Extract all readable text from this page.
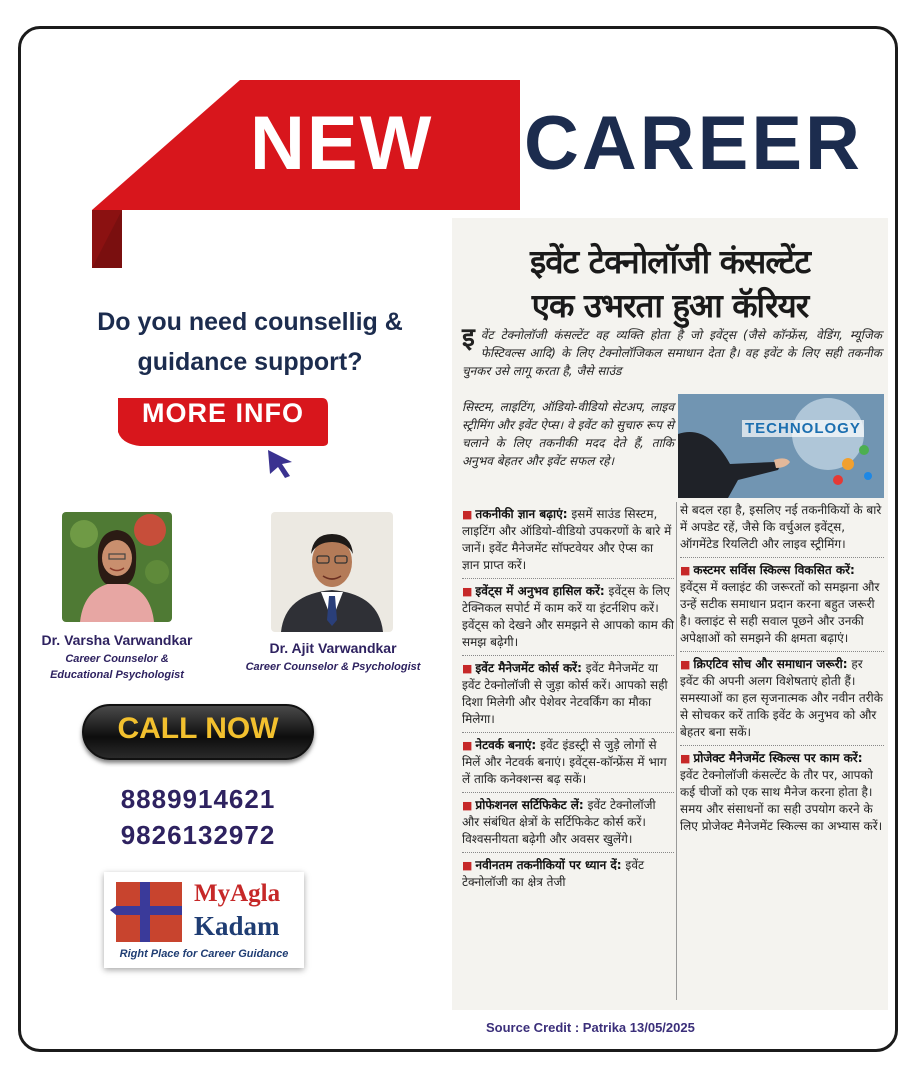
NEW CAREER
Do you need counsellig & guidance support?
MORE INFO
Dr. Varsha Varwandkar
Career Counselor &
Educational Psychologist
Dr. Ajit Varwandkar
Career Counselor & Psychologist
CALL NOW
8889914621
9826132972
MyAgla
Kadam
Right Place for Career Guidance
इवेंट टेक्नोलॉजी कंसल्टेंट
एक उभरता हुआ कॅरियर
इवेंट टेक्नोलॉजी कंसल्टेंट वह व्यक्ति होता है जो इवेंट्स (जैसे कॉन्फ्रेंस, वेडिंग, म्यूजिक फेस्टिवल्स आदि) के लिए टेक्नोलॉजिकल समाधान देता है। वह इवेंट के लिए सही तकनीक चुनकर उसे लागू करता है, जैसे साउंड
सिस्टम, लाइटिंग, ऑडियो-वीडियो सेटअप, लाइव स्ट्रीमिंग और इवेंट ऐप्स। वे इवेंट को सुचारु रूप से चलाने के लिए तकनीकी मदद देते हैं, ताकि अनुभव बेहतर और इवेंट सफल रहे।
TECHNOLOGY
■ तकनीकी ज्ञान बढ़ाएं: इसमें साउंड सिस्टम, लाइटिंग और ऑडियो-वीडियो उपकरणों के बारे में जानें। इवेंट मैनेजमेंट सॉफ्टवेयर और ऐप्स का ज्ञान प्राप्त करें।
■ इवेंट्स में अनुभव हासिल करें: इवेंट्स के लिए टेक्निकल सपोर्ट में काम करें या इंटर्नशिप करें। इवेंट्स को देखने और समझने से आपको काम की समझ बढ़ेगी।
■ इवेंट मैनेजमेंट कोर्स करें: इवेंट मैनेजमेंट या इवेंट टेक्नोलॉजी से जुड़ा कोर्स करें। आपको सही दिशा मिलेगी और पेशेवर नेटवर्किंग का मौका मिलेगा।
■ नेटवर्क बनाएं: इवेंट इंडस्ट्री से जुड़े लोगों से मिलें और नेटवर्क बनाएं। इवेंट्स-कॉन्फ्रेंस में भाग लें ताकि कनेक्शन्स बढ़ सकें।
■ प्रोफेशनल सर्टिफिकेट लें: इवेंट टेक्नोलॉजी और संबंधित क्षेत्रों के सर्टिफिकेट कोर्स करें। विश्वसनीयता बढ़ेगी और अवसर खुलेंगे।
■ नवीनतम तकनीकियों पर ध्यान दें: इवेंट टेक्नोलॉजी का क्षेत्र तेजी
से बदल रहा है, इसलिए नई तकनीकियों के बारे में अपडेट रहें, जैसे कि वर्चुअल इवेंट्स, ऑगमेंटेड रियलिटी और लाइव स्ट्रीमिंग।
■ कस्टमर सर्विस स्किल्स विकसित करें: इवेंट्स में क्लाइंट की जरूरतों को समझना और उन्हें सटीक समाधान प्रदान करना बहुत जरूरी है। क्लाइंट से सही सवाल पूछने और उनकी अपेक्षाओं को समझने की क्षमता बढ़ाएं।
■ क्रिएटिव सोच और समाधान जरूरी: हर इवेंट की अपनी अलग विशेषताएं होती हैं। समस्याओं का हल सृजनात्मक और नवीन तरीके से सोचकर करें ताकि इवेंट के अनुभव को और बेहतर बना सकें।
■ प्रोजेक्ट मैनेजमेंट स्किल्स पर काम करें: इवेंट टेक्नोलॉजी कंसल्टेंट के तौर पर, आपको कई चीजों को एक साथ मैनेज करना होता है। समय और संसाधनों का सही उपयोग करने के लिए प्रोजेक्ट मैनेजमेंट स्किल्स का अभ्यास करें।
Source Credit : Patrika 13/05/2025
